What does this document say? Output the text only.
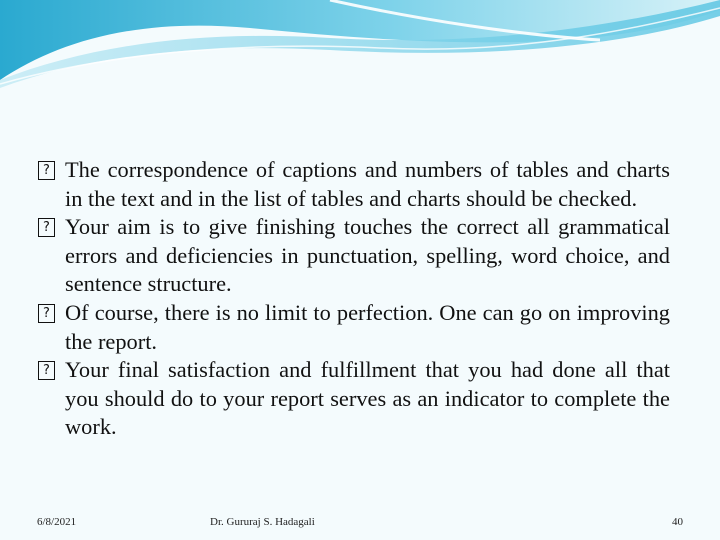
? The correspondence of captions and numbers of tables and charts in the text and in the list of tables and charts should be checked.
? Your aim is to give finishing touches the correct all grammatical errors and deficiencies in punctuation, spelling, word choice, and sentence structure.
? Of course, there is no limit to perfection. One can go on improving the report.
? Your final satisfaction and fulfillment that you had done all that you should do to your report serves as an indicator to complete the work.
6/8/2021	Dr. Gururaj S. Hadagali	40
